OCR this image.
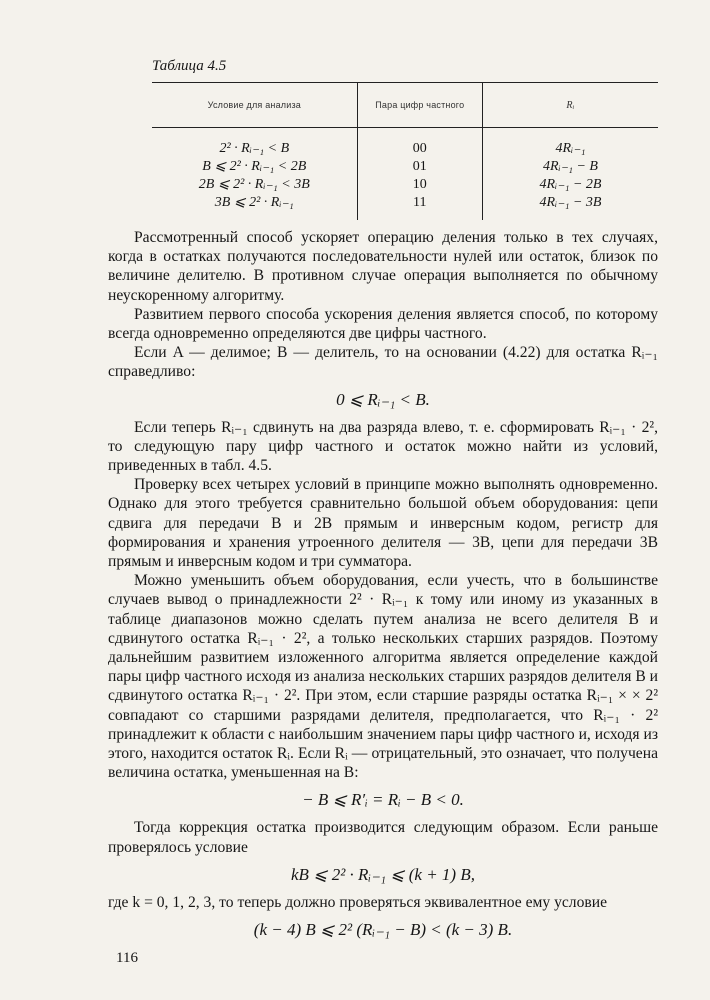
Таблица 4.5
Условие для анализа	Пара цифр частного	Rᵢ
2² · Rᵢ₋₁ < B	00	4Rᵢ₋₁
B ⩽ 2² · Rᵢ₋₁ < 2B	01	4Rᵢ₋₁ − B
2B ⩽ 2² · Rᵢ₋₁ < 3B	10	4Rᵢ₋₁ − 2B
3B ⩽ 2² · Rᵢ₋₁	11	4Rᵢ₋₁ − 3B

Рассмотренный способ ускоряет операцию деления только в тех случаях, когда в остатках получаются последовательности нулей или остаток, близок по величине делителю. В противном случае операция выполняется по обычному неускоренному алгоритму.

Развитием первого способа ускорения деления является способ, по которому всегда одновременно определяются две цифры частного.

Если A — делимое; B — делитель, то на основании (4.22) для остатка Rᵢ₋₁ справедливо:

0 ⩽ Rᵢ₋₁ < B.

Если теперь Rᵢ₋₁ сдвинуть на два разряда влево, т. е. сформировать Rᵢ₋₁ · 2², то следующую пару цифр частного и остаток можно найти из условий, приведенных в табл. 4.5.

Проверку всех четырех условий в принципе можно выполнять одновременно. Однако для этого требуется сравнительно большой объем оборудования: цепи сдвига для передачи B и 2B прямым и инверсным кодом, регистр для формирования и хранения утроенного делителя — 3B, цепи для передачи 3B прямым и инверсным кодом и три сумматора.

Можно уменьшить объем оборудования, если учесть, что в большинстве случаев вывод о принадлежности 2² · Rᵢ₋₁ к тому или иному из указанных в таблице диапазонов можно сделать путем анализа не всего делителя B и сдвинутого остатка Rᵢ₋₁ · 2², а только нескольких старших разрядов. Поэтому дальнейшим развитием изложенного алгоритма является определение каждой пары цифр частного исходя из анализа нескольких старших разрядов делителя B и сдвинутого остатка Rᵢ₋₁ · 2². При этом, если старшие разряды остатка Rᵢ₋₁ × × 2² совпадают со старшими разрядами делителя, предполагается, что Rᵢ₋₁ · 2² принадлежит к области с наибольшим значением пары цифр частного и, исходя из этого, находится остаток Rᵢ. Если Rᵢ — отрицательный, это означает, что получена величина остатка, уменьшенная на B:

− B ⩽ R′ᵢ = Rᵢ − B < 0.

Тогда коррекция остатка производится следующим образом. Если раньше проверялось условие

kB ⩽ 2² · Rᵢ₋₁ ⩽ (k + 1) B,

где k = 0, 1, 2, 3, то теперь должно проверяться эквивалентное ему условие

(k − 4) B ⩽ 2² (Rᵢ₋₁ − B) < (k − 3) B.
116
